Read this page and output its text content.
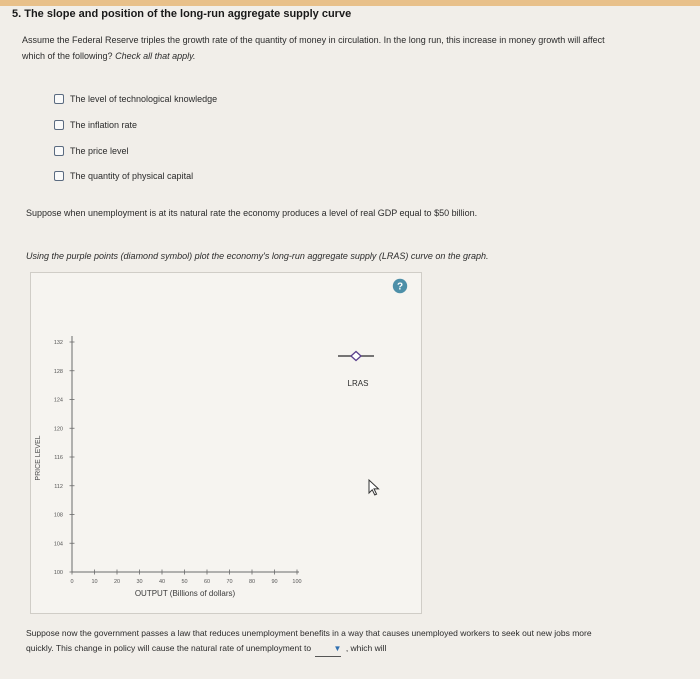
5. The slope and position of the long-run aggregate supply curve
Assume the Federal Reserve triples the growth rate of the quantity of money in circulation. In the long run, this increase in money growth will affect
which of the following? Check all that apply.
The level of technological knowledge
The inflation rate
The price level
The quantity of physical capital
Suppose when unemployment is at its natural rate the economy produces a level of real GDP equal to $50 billion.
Using the purple points (diamond symbol) plot the economy's long-run aggregate supply (LRAS) curve on the graph.
?
100
104
108
112
116
120
124
128
132
0	10	20	30	40	50	60	70	80	90	100
PRICE LEVEL
OUTPUT (Billions of dollars)
LRAS
Suppose now the government passes a law that reduces unemployment benefits in a way that causes unemployed workers to seek out new jobs more
quickly. This change in policy will cause the natural rate of unemployment to	▼ , which will
